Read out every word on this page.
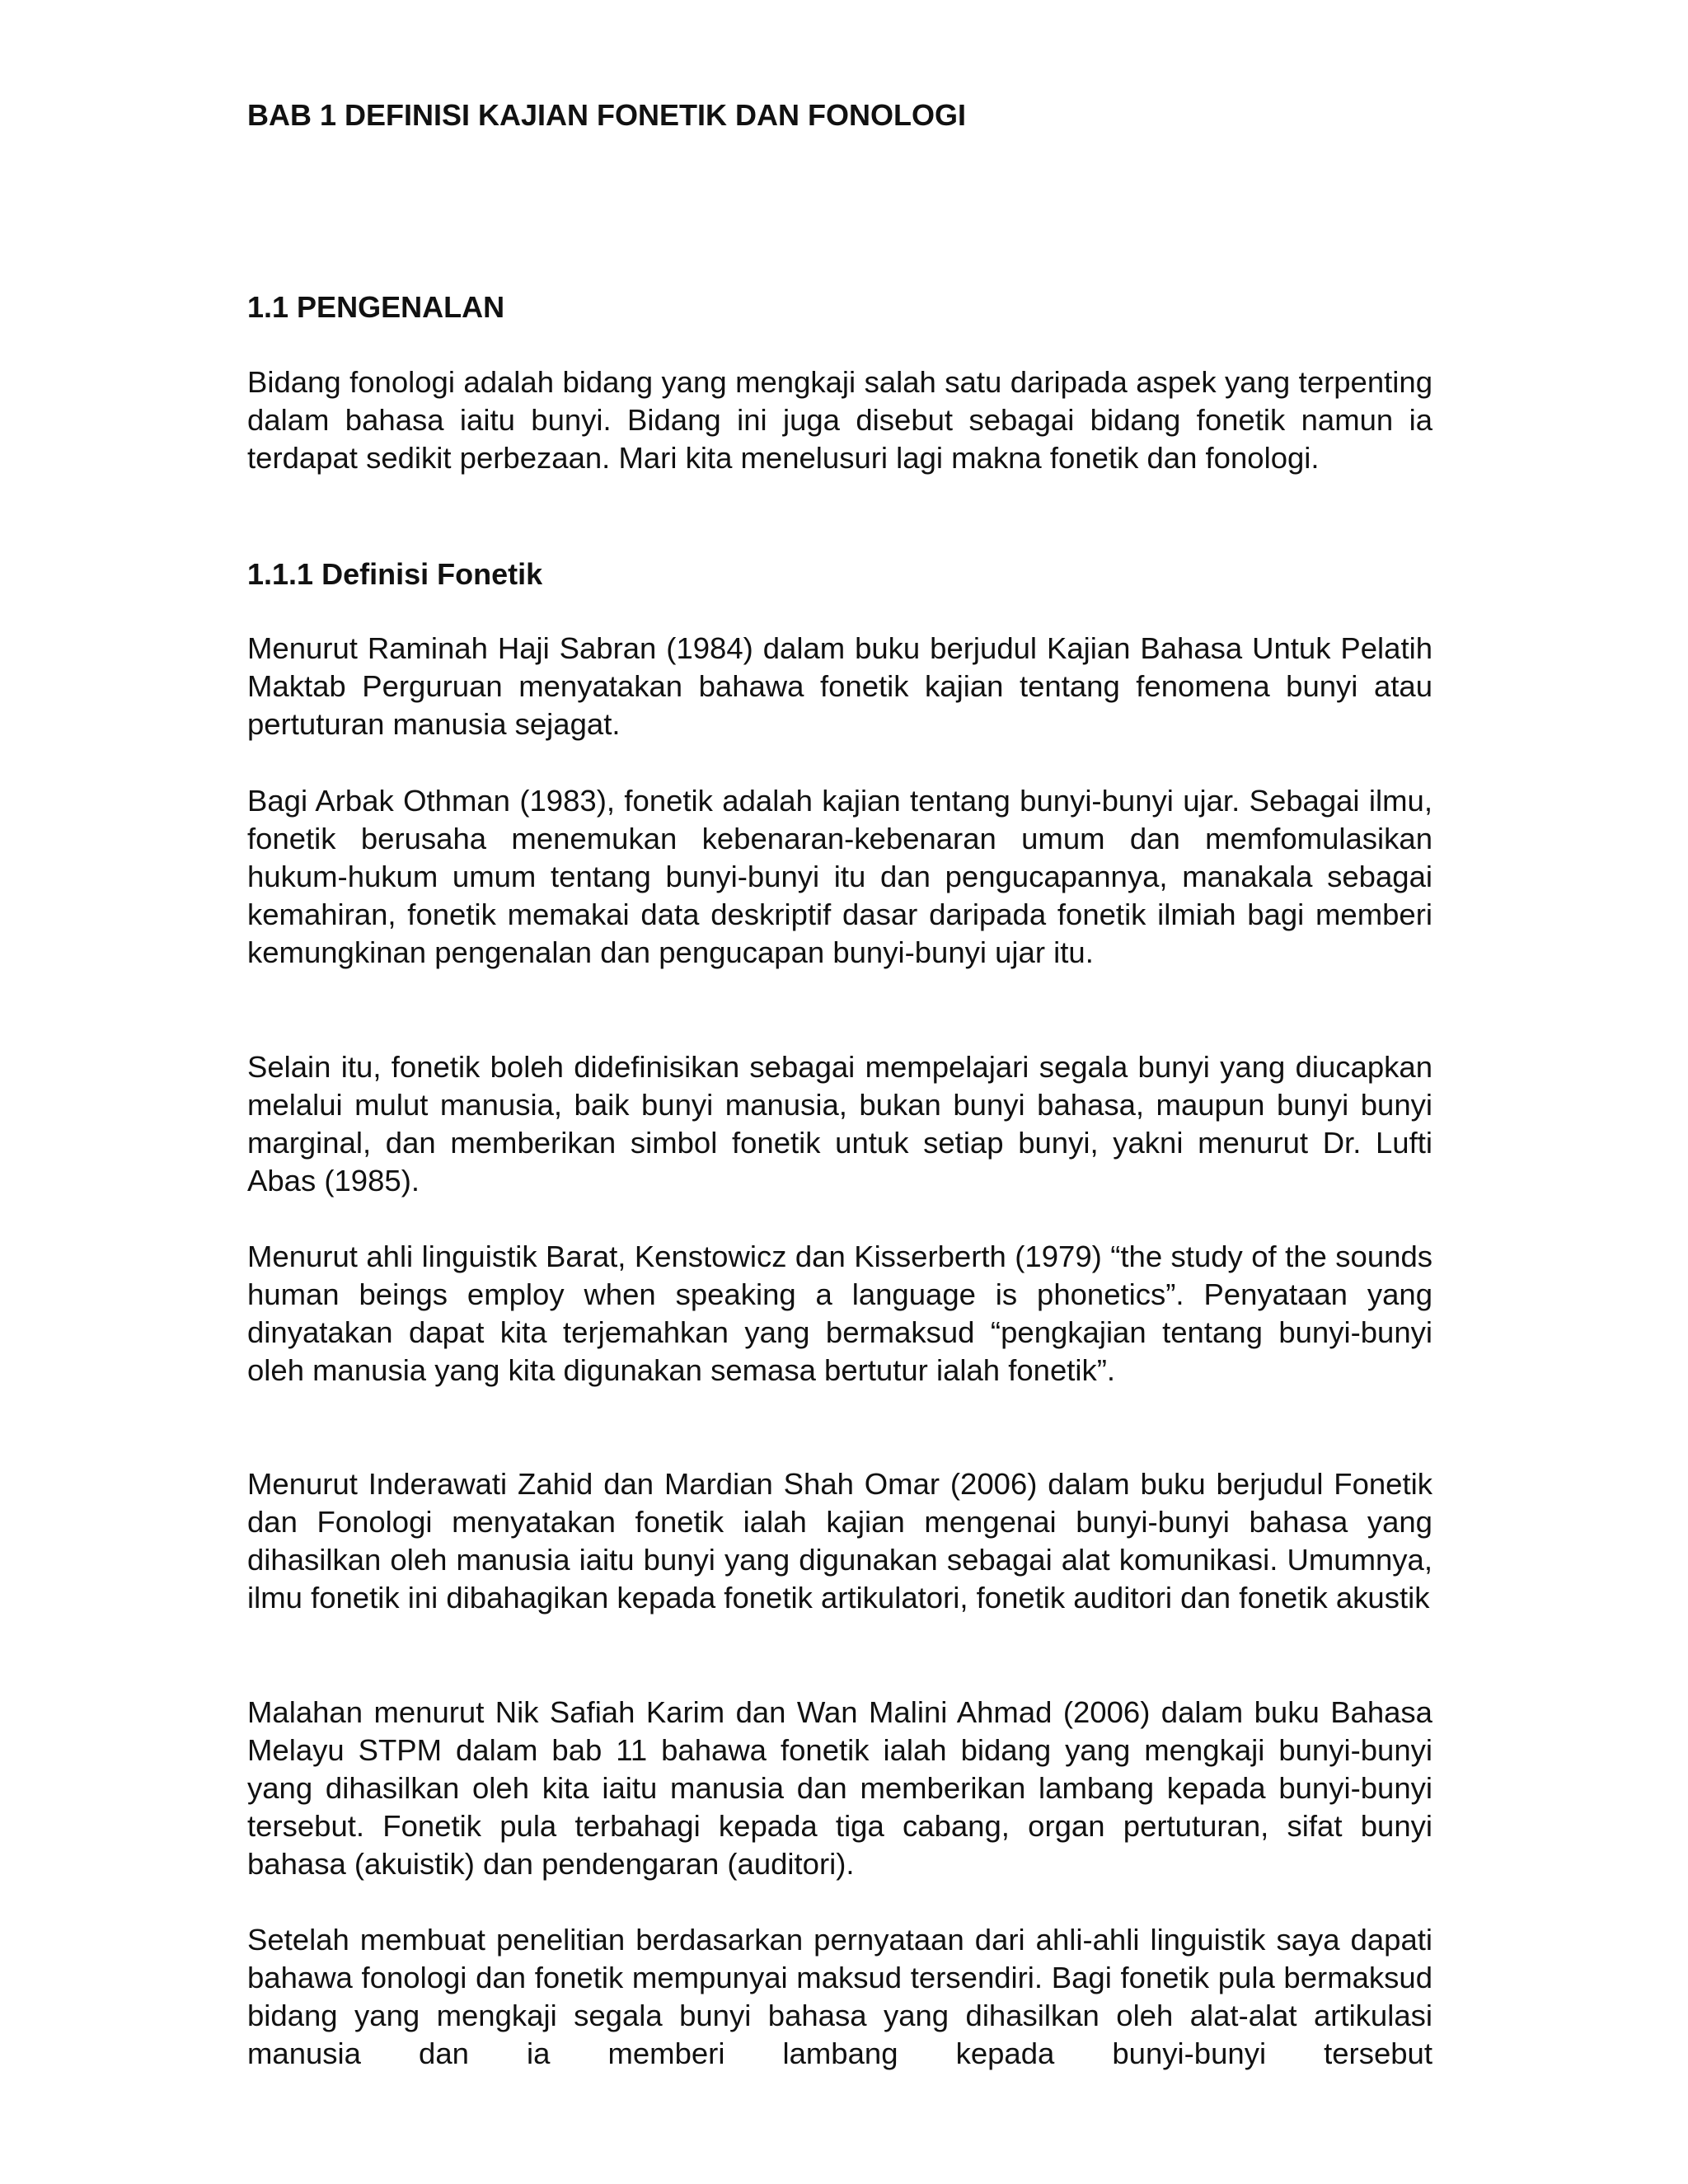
BAB 1 DEFINISI KAJIAN FONETIK DAN FONOLOGI
1.1 PENGENALAN

Bidang fonologi adalah bidang yang mengkaji salah satu daripada aspek yang terpenting dalam bahasa iaitu bunyi. Bidang ini juga disebut sebagai bidang fonetik namun ia terdapat sedikit perbezaan. Mari kita menelusuri lagi makna fonetik dan fonologi.

1.1.1 Definisi Fonetik

Menurut Raminah Haji Sabran (1984) dalam buku berjudul Kajian Bahasa Untuk Pelatih Maktab Perguruan menyatakan bahawa fonetik kajian tentang fenomena bunyi atau pertuturan manusia sejagat.

Bagi Arbak Othman (1983), fonetik adalah kajian tentang bunyi-bunyi ujar. Sebagai ilmu, fonetik berusaha menemukan kebenaran-kebenaran umum dan memfomulasikan hukum-hukum umum tentang bunyi-bunyi itu dan pengucapannya, manakala sebagai kemahiran, fonetik memakai data deskriptif dasar daripada fonetik ilmiah bagi memberi kemungkinan pengenalan dan pengucapan bunyi-bunyi ujar itu.

Selain itu, fonetik boleh didefinisikan sebagai mempelajari segala bunyi yang diucapkan melalui mulut manusia, baik bunyi manusia, bukan bunyi bahasa, maupun bunyi bunyi marginal, dan memberikan simbol fonetik untuk setiap bunyi, yakni menurut Dr. Lufti Abas (1985).

Menurut ahli linguistik Barat, Kenstowicz dan Kisserberth (1979) “the study of the sounds human beings employ when speaking a language is phonetics”. Penyataan yang dinyatakan dapat kita terjemahkan yang bermaksud “pengkajian tentang bunyi-bunyi oleh manusia yang kita digunakan semasa bertutur ialah fonetik”.

Menurut Inderawati Zahid dan Mardian Shah Omar (2006) dalam buku berjudul Fonetik dan Fonologi menyatakan fonetik ialah kajian mengenai bunyi-bunyi bahasa yang dihasilkan oleh manusia iaitu bunyi yang digunakan sebagai alat komunikasi. Umumnya, ilmu fonetik ini dibahagikan kepada fonetik artikulatori, fonetik auditori dan fonetik akustik

Malahan menurut Nik Safiah Karim dan Wan Malini Ahmad (2006) dalam buku Bahasa Melayu STPM dalam bab 11 bahawa fonetik ialah bidang yang mengkaji bunyi-bunyi yang dihasilkan oleh kita iaitu manusia dan memberikan lambang kepada bunyi-bunyi tersebut. Fonetik pula terbahagi kepada tiga cabang, organ pertuturan, sifat bunyi bahasa (akuistik) dan pendengaran (auditori).

Setelah membuat penelitian berdasarkan pernyataan dari ahli-ahli linguistik saya dapati bahawa fonologi dan fonetik mempunyai maksud tersendiri. Bagi fonetik pula bermaksud bidang yang mengkaji segala bunyi bahasa yang dihasilkan oleh alat-alat artikulasi manusia dan ia memberi lambang kepada bunyi-bunyi tersebut
